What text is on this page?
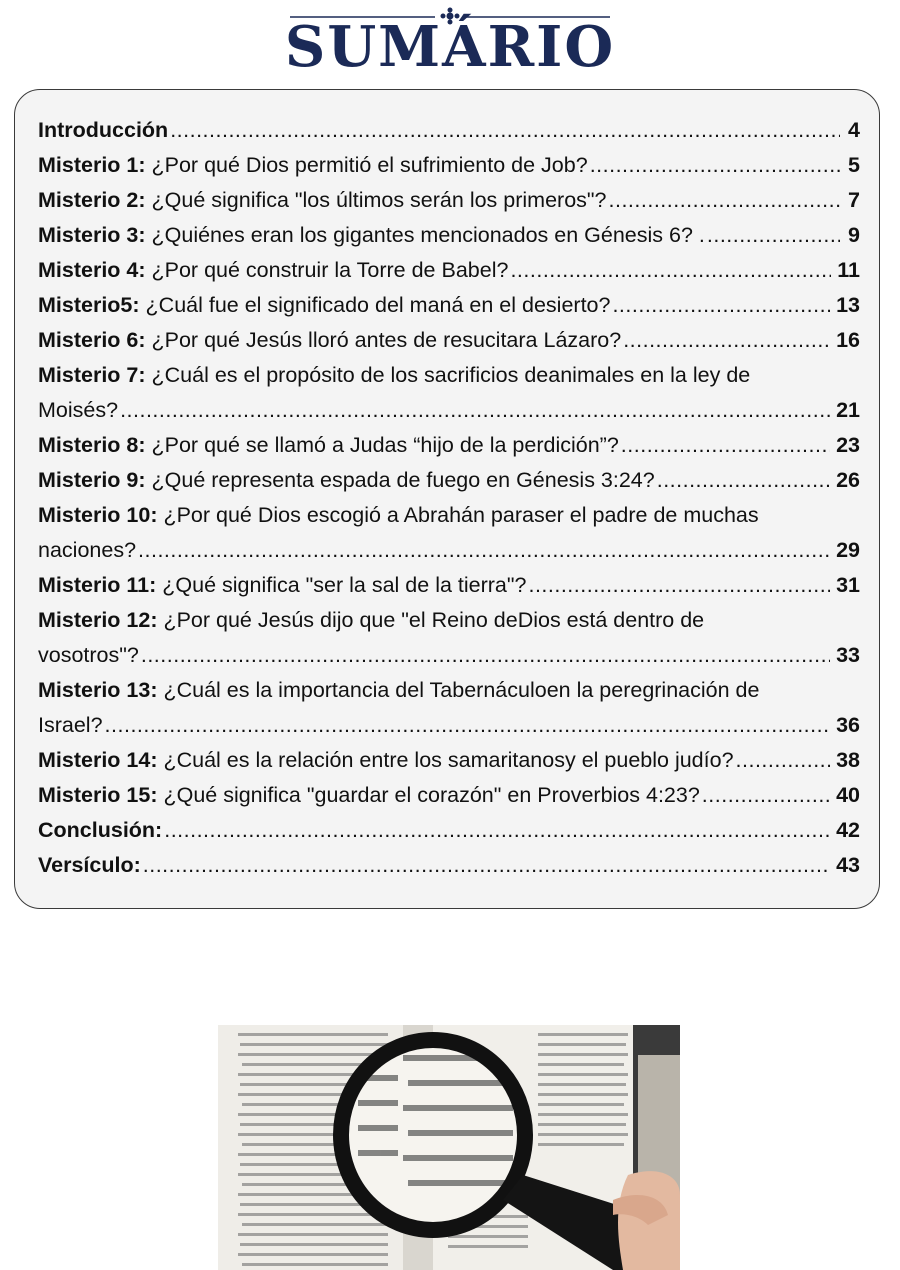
SUMÁRIO
Introducción .....	4
Misterio 1: ¿Por qué Dios permitió el sufrimiento de Job? .....	5
Misterio 2: ¿Qué significa "los últimos serán los primeros"? .....	7
Misterio 3: ¿Quiénes eran los gigantes mencionados en Génesis 6? . .....	9
Misterio 4: ¿Por qué construir la Torre de Babel? .....	11
Misterio5: ¿Cuál fue el significado del maná en el desierto? .....	13
Misterio 6: ¿Por qué Jesús lloró antes de resucitara Lázaro? .....	16
Misterio 7: ¿Cuál es el propósito de los sacrificios deanimales en la ley de
Moisés? .....	21
Misterio 8: ¿Por qué se llamó a Judas “hijo de la perdición”? .....	23
Misterio 9: ¿Qué representa espada de fuego en Génesis 3:24? .....	26
Misterio 10: ¿Por qué Dios escogió a Abrahán paraser el padre de muchas
naciones? .....	29
Misterio 11: ¿Qué significa "ser la sal de la tierra"? .....	31
Misterio 12: ¿Por qué Jesús dijo que "el Reino deDios está dentro de
vosotros"? .....	33
Misterio 13: ¿Cuál es la importancia del Tabernáculoen la peregrinación de
Israel? .....	36
Misterio 14: ¿Cuál es la relación entre los samaritanosy el pueblo judío? .....	38
Misterio 15: ¿Qué significa "guardar el corazón" en Proverbios 4:23? .....	40
Conclusión: .....	42
Versículo: .....	43
